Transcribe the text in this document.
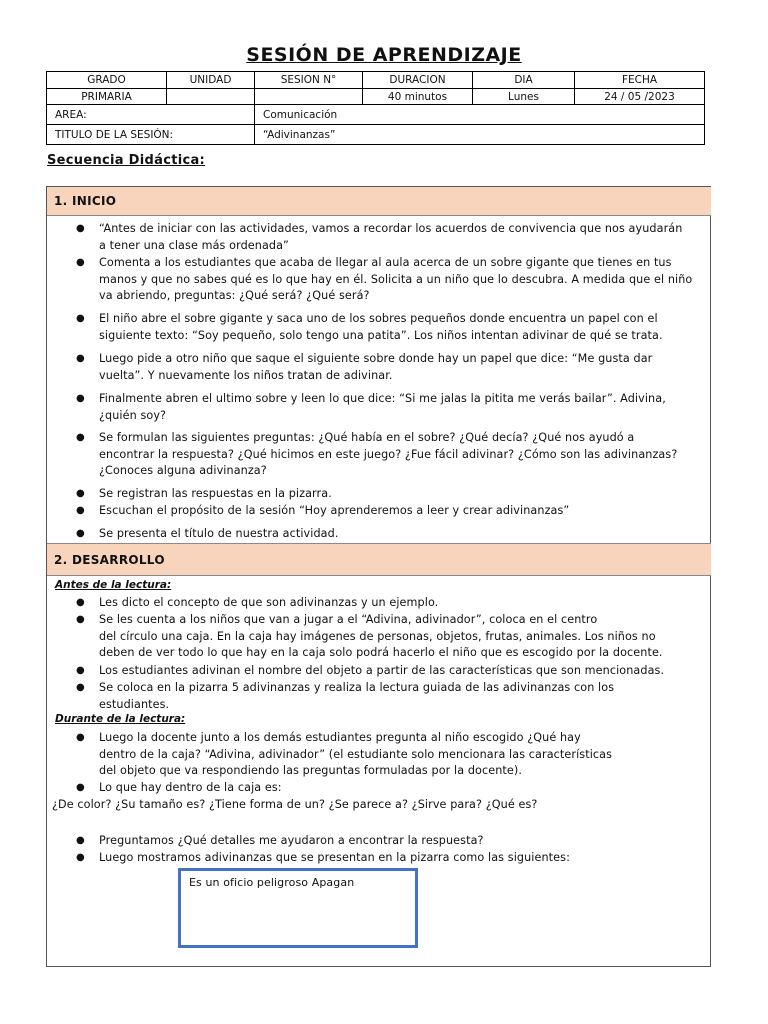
SESIÓN DE APRENDIZAJE
GRADO	UNIDAD	SESION N°	DURACION	DIA	FECHA
PRIMARIA			40 minutos	Lunes	24 / 05 /2023
AREA:		Comunicación			
TITULO DE LA SESIÓN:		“Adivinanzas”			
Secuencia Didáctica:
1. INICIO
● “Antes de iniciar con las actividades, vamos a recordar los acuerdos de convivencia que nos ayudarán
a tener una clase más ordenada”
● Comenta a los estudiantes que acaba de llegar al aula acerca de un sobre gigante que tienes en tus
manos y que no sabes qué es lo que hay en él. Solicita a un niño que lo descubra. A medida que el niño
va abriendo, preguntas: ¿Qué será? ¿Qué será?
● El niño abre el sobre gigante y saca uno de los sobres pequeños donde encuentra un papel con el
siguiente texto: “Soy pequeño, solo tengo una patita”. Los niños intentan adivinar de qué se trata.
● Luego pide a otro niño que saque el siguiente sobre donde hay un papel que dice: “Me gusta dar
vuelta”. Y nuevamente los niños tratan de adivinar.
● Finalmente abren el ultimo sobre y leen lo que dice: “Si me jalas la pitita me verás bailar”. Adivina,
¿quién soy?
● Se formulan las siguientes preguntas: ¿Qué había en el sobre? ¿Qué decía? ¿Qué nos ayudó a
encontrar la respuesta? ¿Qué hicimos en este juego? ¿Fue fácil adivinar? ¿Cómo son las adivinanzas?
¿Conoces alguna adivinanza?
● Se registran las respuestas en la pizarra.
● Escuchan el propósito de la sesión “Hoy aprenderemos a leer y crear adivinanzas”
● Se presenta el título de nuestra actividad.
2. DESARROLLO
Antes de la lectura:
● Les dicto el concepto de que son adivinanzas y un ejemplo.
● Se les cuenta a los niños que van a jugar a el “Adivina, adivinador”, coloca en el centro
del círculo una caja. En la caja hay imágenes de personas, objetos, frutas, animales. Los niños no
deben de ver todo lo que hay en la caja solo podrá hacerlo el niño que es escogido por la docente.
● Los estudiantes adivinan el nombre del objeto a partir de las características que son mencionadas.
● Se coloca en la pizarra 5 adivinanzas y realiza la lectura guiada de las adivinanzas con los
estudiantes.
Durante de la lectura:
● Luego la docente junto a los demás estudiantes pregunta al niño escogido ¿Qué hay
dentro de la caja? “Adivina, adivinador” (el estudiante solo mencionara las características
del objeto que va respondiendo las preguntas formuladas por la docente).
● Lo que hay dentro de la caja es:
¿De color? ¿Su tamaño es? ¿Tiene forma de un? ¿Se parece a? ¿Sirve para? ¿Qué es?
● Preguntamos ¿Qué detalles me ayudaron a encontrar la respuesta?
● Luego mostramos adivinanzas que se presentan en la pizarra como las siguientes:
Es un oficio peligroso Apagan
